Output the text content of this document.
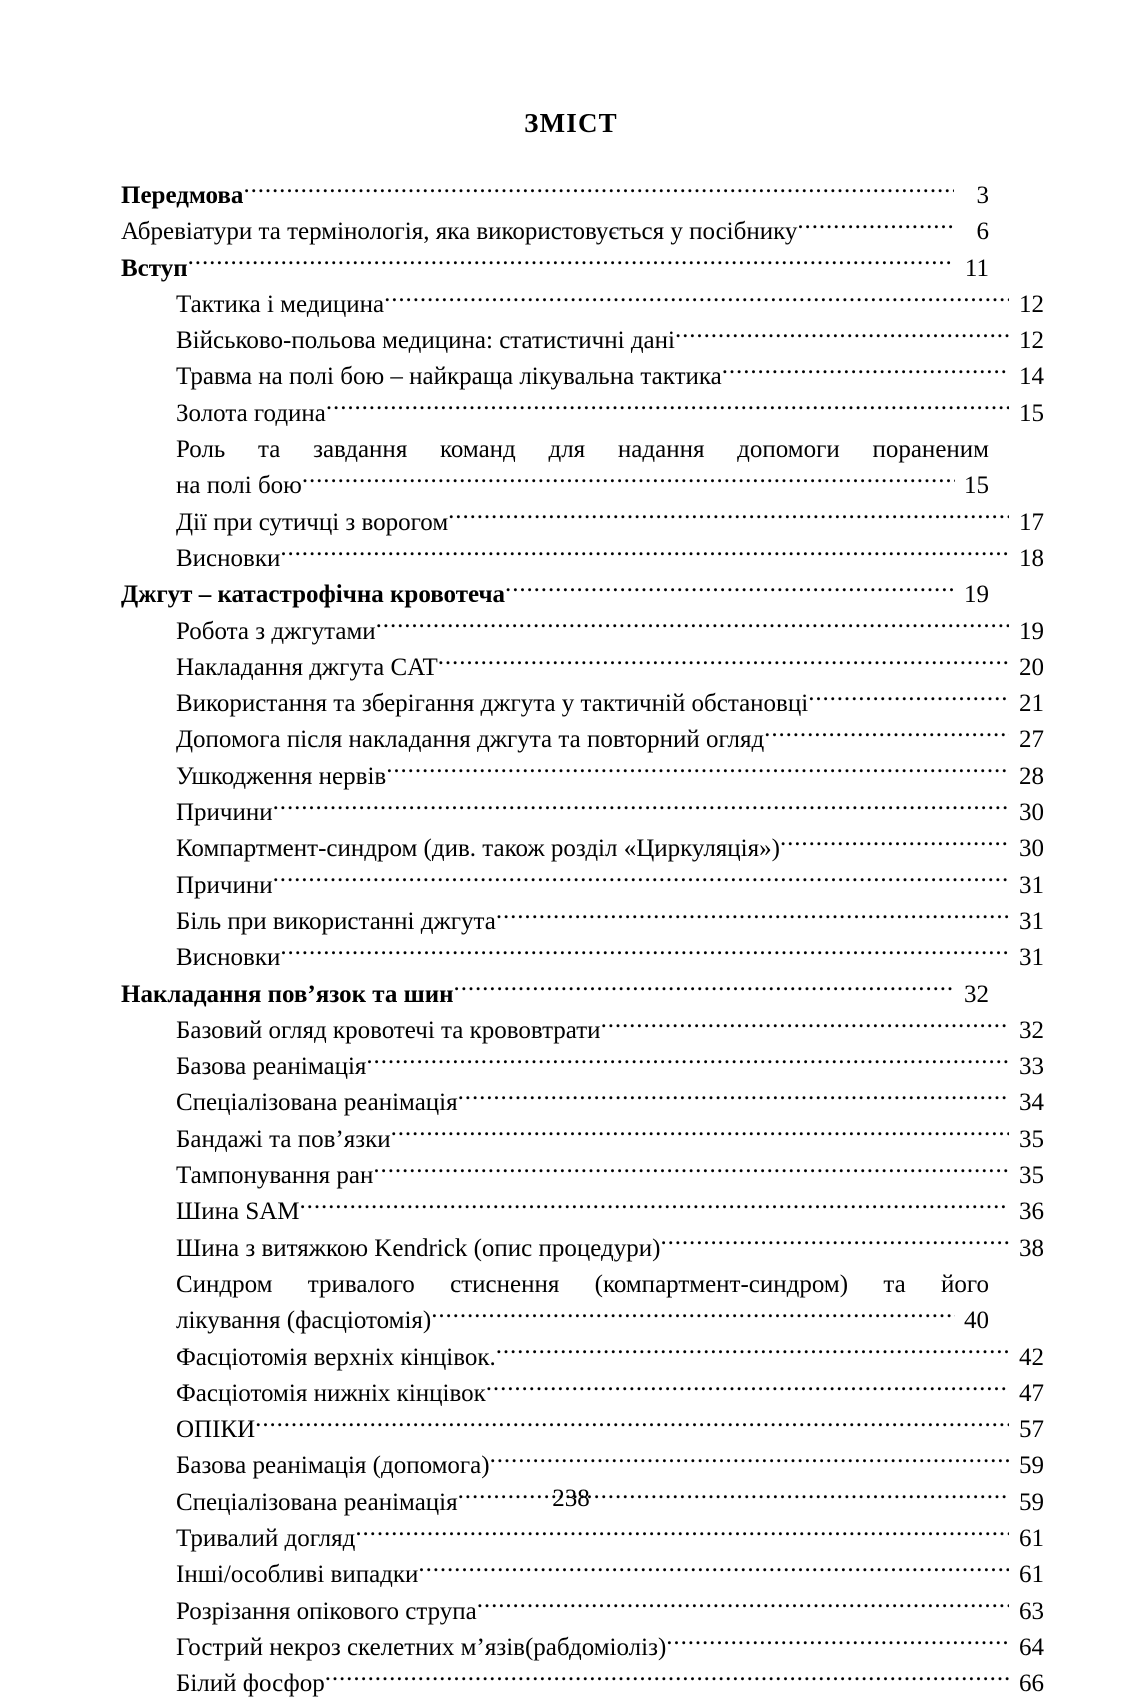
ЗМІСТ
Передмова .....	3
Абревіатури та термінологія, яка використовується у посібнику .....	6
Вступ .....	11
Тактика і медицина .....	12
Військово-польова медицина: статистичні дані .....	12
Травма на полі бою – найкраща лікувальна тактика .....	14
Золота година .....	15
Роль та завдання команд для надання допомоги пораненим
на полі бою .....	15
Дії при сутичці з ворогом .....	17
Висновки .....	18
Джгут – катастрофічна кровотеча .....	19
Робота з джгутами .....	19
Накладання джгута CAT .....	20
Використання та зберігання джгута у тактичній обстановці .....	21
Допомога після накладання джгута та повторний огляд .....	27
Ушкодження нервів .....	28
Причини .....	30
Компартмент-синдром (див. також розділ «Циркуляція») .....	30
Причини .....	31
Біль при використанні джгута .....	31
Висновки .....	31
Накладання пов’язок та шин .....	32
Базовий огляд кровотечі та крововтрати .....	32
Базова реанімація .....	33
Спеціалізована реанімація .....	34
Бандажі та пов’язки .....	35
Тампонування ран .....	35
Шина SAM .....	36
Шина з витяжкою Kendrick (опис процедури) .....	38
Синдром тривалого стиснення (компартмент-синдром) та його
лікування (фасціотомія) .....	40
Фасціотомія верхніх кінцівок. .....	42
Фасціотомія нижніх кінцівок .....	47
ОПІКИ .....	57
Базова реанімація (допомога) .....	59
Спеціалізована реанімація .....	59
Тривалий догляд .....	61
Інші/особливі випадки .....	61
Розрізання опікового струпа .....	63
Гострий некроз скелетних м’язів(рабдоміоліз) .....	64
Білий фосфор .....	66
238
